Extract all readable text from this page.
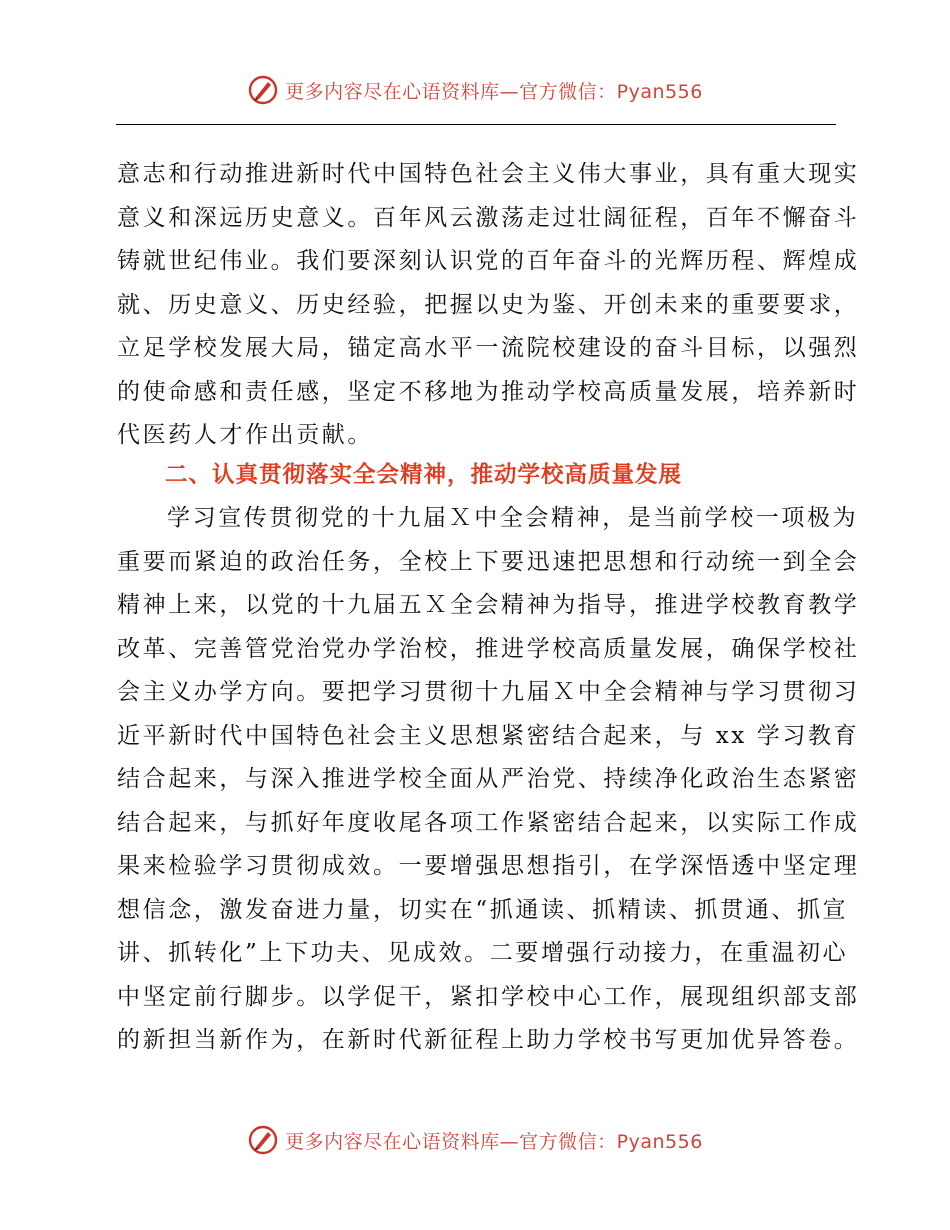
更多内容尽在心语资料库—官方微信：Pyan556
意志和行动推进新时代中国特色社会主义伟大事业，具有重大现实
意义和深远历史意义。百年风云激荡走过壮阔征程，百年不懈奋斗
铸就世纪伟业。我们要深刻认识党的百年奋斗的光辉历程、辉煌成
就、历史意义、历史经验，把握以史为鉴、开创未来的重要要求，
立足学校发展大局，锚定高水平一流院校建设的奋斗目标，以强烈
的使命感和责任感，坚定不移地为推动学校高质量发展，培养新时
代医药人才作出贡献。
二、认真贯彻落实全会精神，推动学校高质量发展
学习宣传贯彻党的十九届Ｘ中全会精神，是当前学校一项极为
重要而紧迫的政治任务，全校上下要迅速把思想和行动统一到全会
精神上来，以党的十九届五Ｘ全会精神为指导，推进学校教育教学
改革、完善管党治党办学治校，推进学校高质量发展，确保学校社
会主义办学方向。要把学习贯彻十九届Ｘ中全会精神与学习贯彻习
近平新时代中国特色社会主义思想紧密结合起来，与 xx 学习教育
结合起来，与深入推进学校全面从严治党、持续净化政治生态紧密
结合起来，与抓好年度收尾各项工作紧密结合起来，以实际工作成
果来检验学习贯彻成效。一要增强思想指引，在学深悟透中坚定理
想信念，激发奋进力量，切实在“抓通读、抓精读、抓贯通、抓宣
讲、抓转化”上下功夫、见成效。二要增强行动接力，在重温初心
中坚定前行脚步。以学促干，紧扣学校中心工作，展现组织部支部
的新担当新作为，在新时代新征程上助力学校书写更加优异答卷。
更多内容尽在心语资料库—官方微信：Pyan556
